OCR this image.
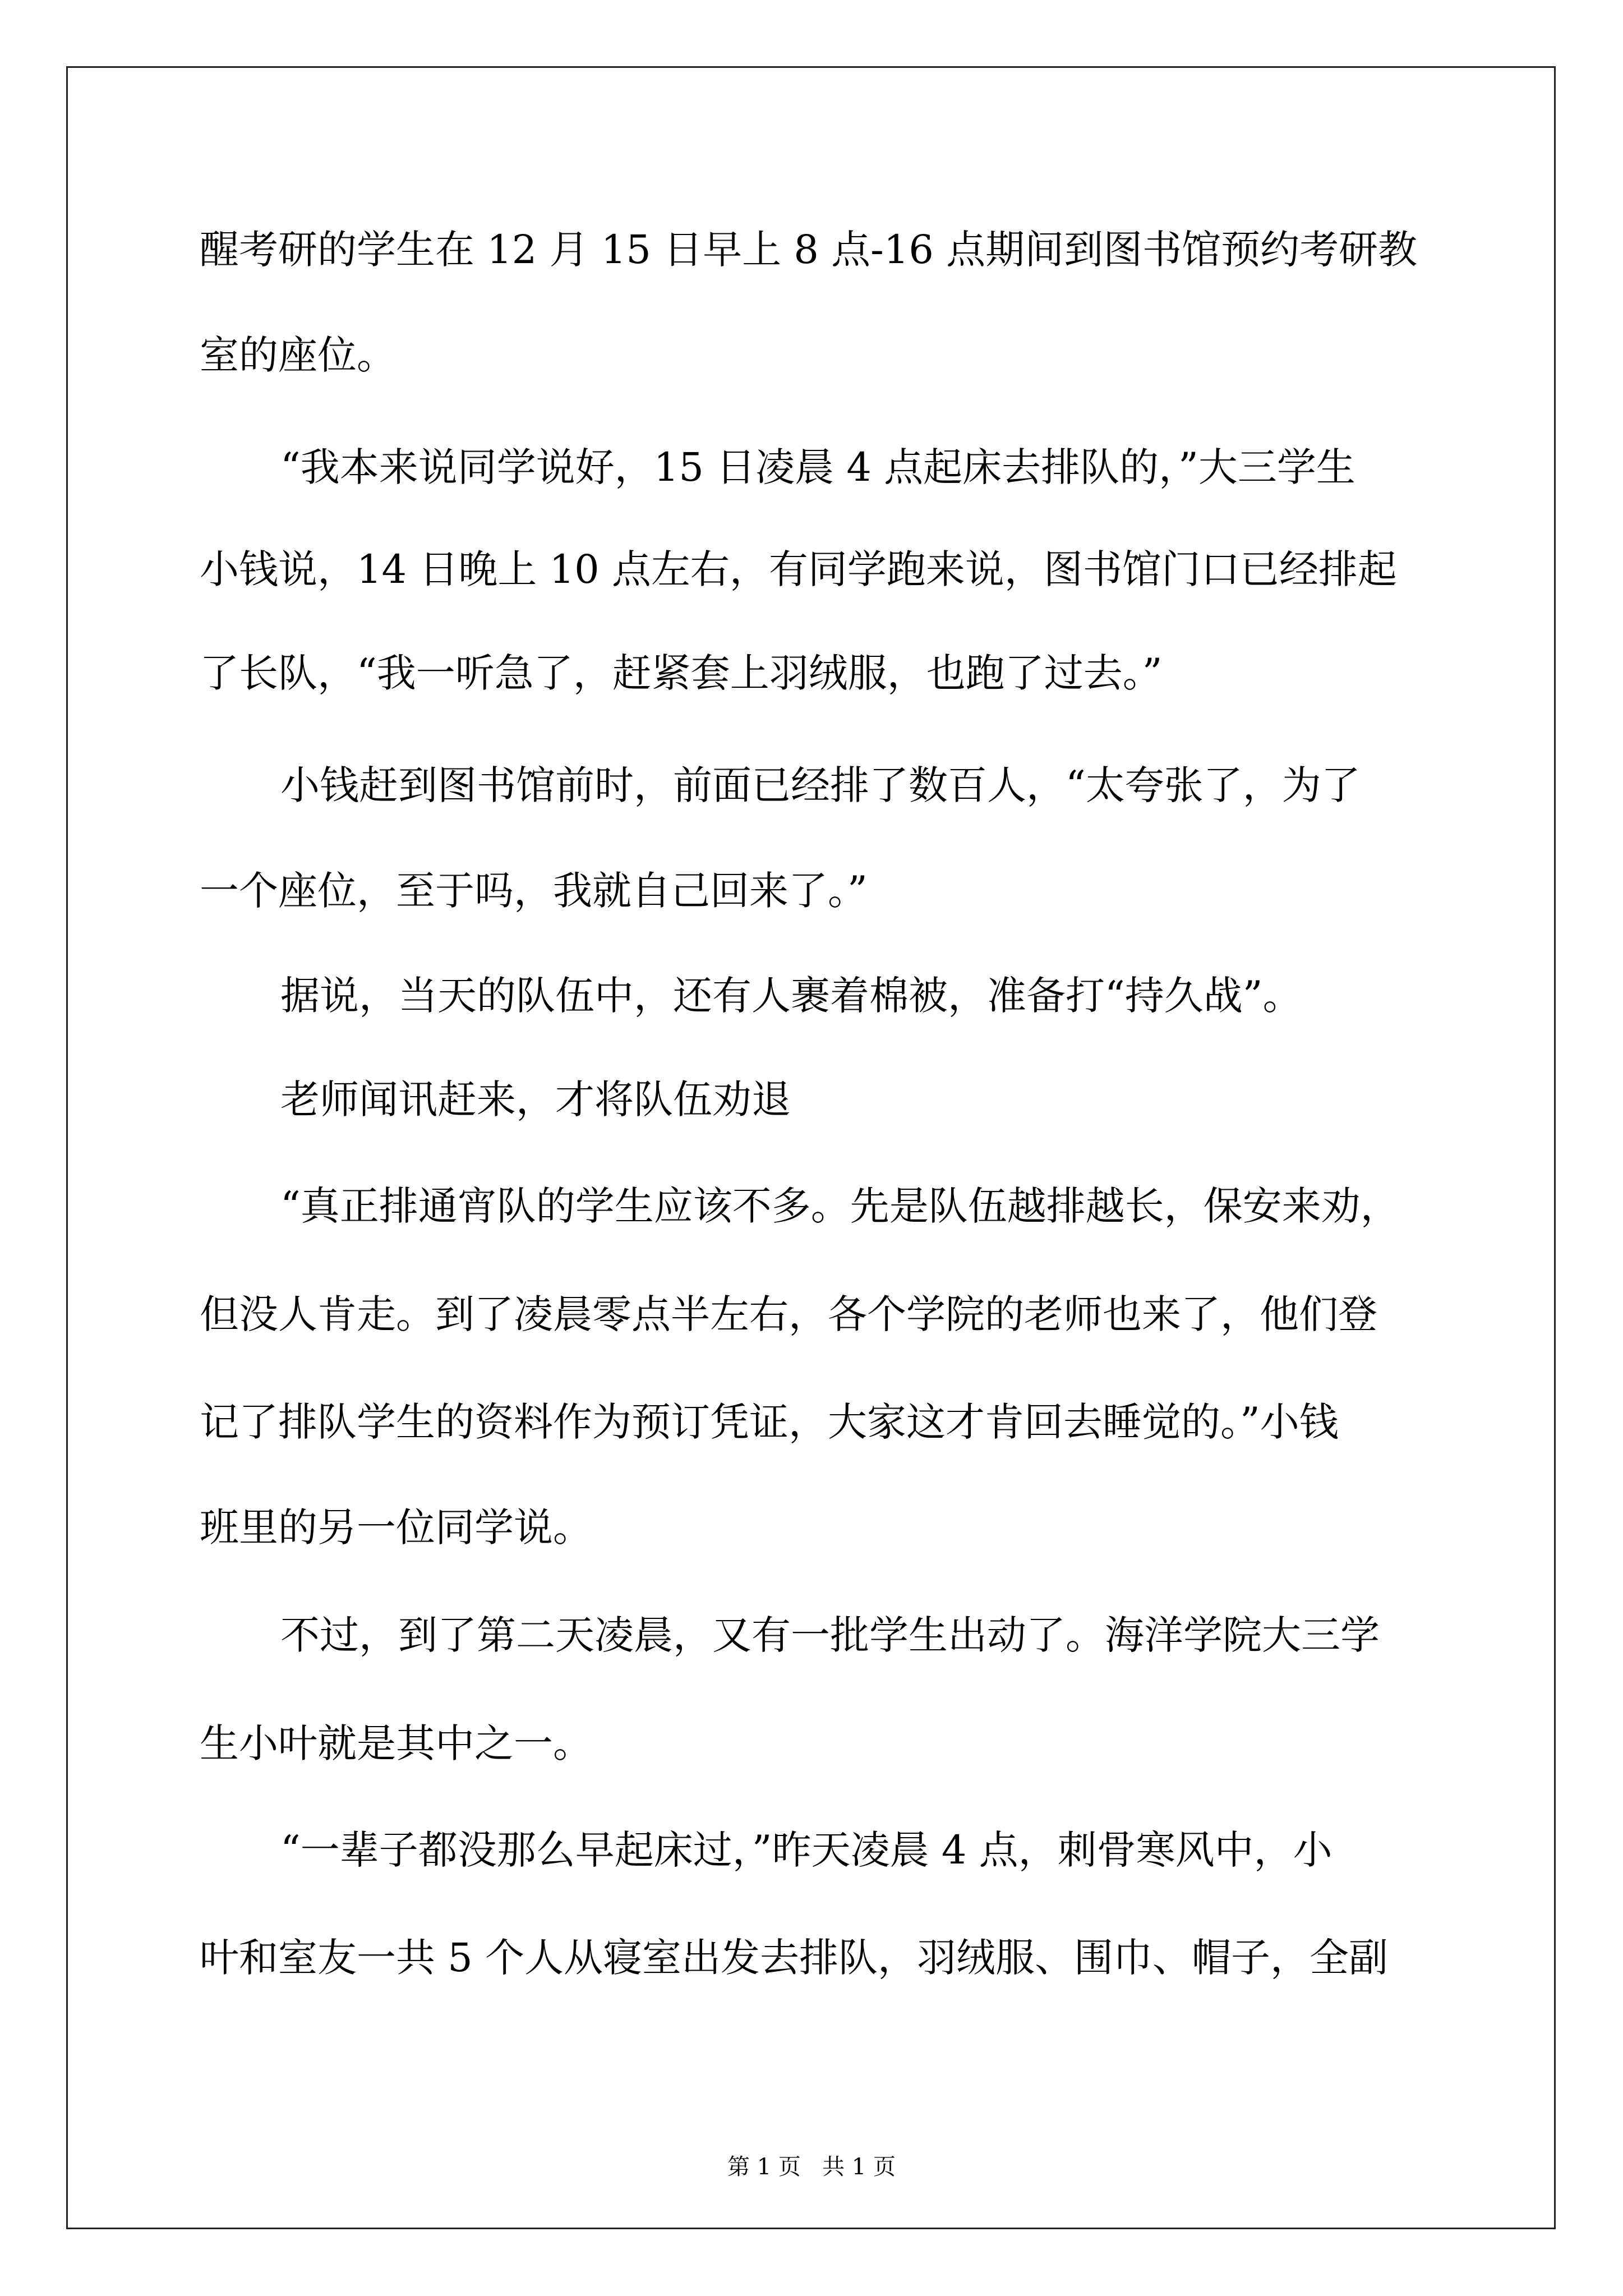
醒考研的学生在 12 月 15 日早上 8 点-16 点期间到图书馆预约考研教
室的座位。
“我本来说同学说好，15 日凌晨 4 点起床去排队的，”大三学生
小钱说，14 日晚上 10 点左右，有同学跑来说，图书馆门口已经排起
了长队，“我一听急了，赶紧套上羽绒服，也跑了过去。”
小钱赶到图书馆前时，前面已经排了数百人，“太夸张了，为了
一个座位，至于吗，我就自己回来了。”
据说，当天的队伍中，还有人裹着棉被，准备打“持久战”。
老师闻讯赶来，才将队伍劝退
“真正排通宵队的学生应该不多。先是队伍越排越长，保安来劝，
但没人肯走。到了凌晨零点半左右，各个学院的老师也来了，他们登
记了排队学生的资料作为预订凭证，大家这才肯回去睡觉的。”小钱
班里的另一位同学说。
不过，到了第二天凌晨，又有一批学生出动了。海洋学院大三学
生小叶就是其中之一。
“一辈子都没那么早起床过，”昨天凌晨 4 点，刺骨寒风中，小
叶和室友一共 5 个人从寝室出发去排队，羽绒服、围巾、帽子，全副
第 1 页   共 1 页
